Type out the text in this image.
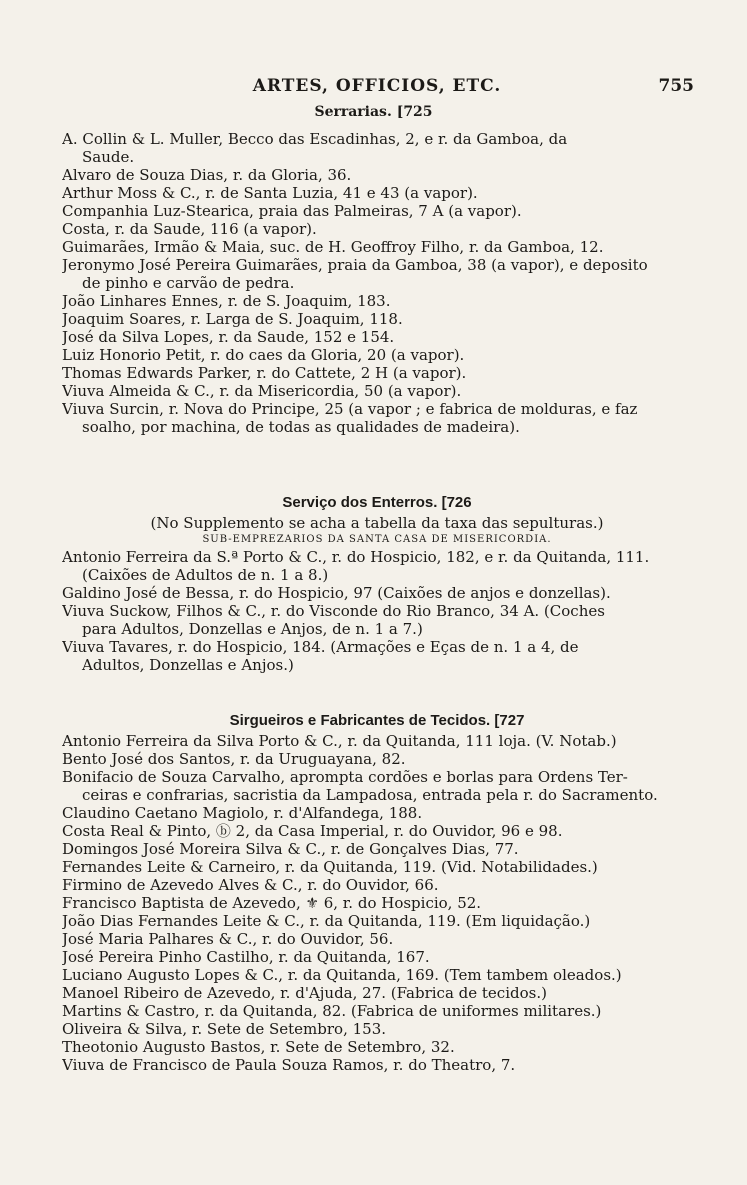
ARTES, OFFICIOS, ETC.	755
Serrarias. [725
A. Collin & L. Muller, Becco das Escadinhas, 2, e r. da Gamboa, da
Saude.
Alvaro de Souza Dias, r. da Gloria, 36.
Arthur Moss & C., r. de Santa Luzia, 41 e 43 (a vapor).
Companhia Luz-Stearica, praia das Palmeiras, 7 A (a vapor).
Costa, r. da Saude, 116 (a vapor).
Guimarães, Irmão & Maia, suc. de H. Geoffroy Filho, r. da Gamboa, 12.
Jeronymo José Pereira Guimarães, praia da Gamboa, 38 (a vapor), e deposito
de pinho e carvão de pedra.
João Linhares Ennes, r. de S. Joaquim, 183.
Joaquim Soares, r. Larga de S. Joaquim, 118.
José da Silva Lopes, r. da Saude, 152 e 154.
Luiz Honorio Petit, r. do caes da Gloria, 20 (a vapor).
Thomas Edwards Parker, r. do Cattete, 2 H (a vapor).
Viuva Almeida & C., r. da Misericordia, 50 (a vapor).
Viuva Surcin, r. Nova do Principe, 25 (a vapor ; e fabrica de molduras, e faz
soalho, por machina, de todas as qualidades de madeira).
Serviço dos Enterros. [726
(No Supplemento se acha a tabella da taxa das sepulturas.)
SUB-EMPREZARIOS DA SANTA CASA DE MISERICORDIA.
Antonio Ferreira da S.ª Porto & C., r. do Hospicio, 182, e r. da Quitanda, 111.
(Caixões de Adultos de n. 1 a 8.)
Galdino José de Bessa, r. do Hospicio, 97 (Caixões de anjos e donzellas).
Viuva Suckow, Filhos & C., r. do Visconde do Rio Branco, 34 A. (Coches
para Adultos, Donzellas e Anjos, de n. 1 a 7.)
Viuva Tavares, r. do Hospicio, 184. (Armações e Eças de n. 1 a 4, de
Adultos, Donzellas e Anjos.)
Sirgueiros e Fabricantes de Tecidos. [727
Antonio Ferreira da Silva Porto & C., r. da Quitanda, 111 loja. (V. Notab.)
Bento José dos Santos, r. da Uruguayana, 82.
Bonifacio de Souza Carvalho, apromptа cordões e borlas para Ordens Ter-
ceiras e confrarias, sacristia da Lampadosa, entrada pela r. do Sacramento.
Claudino Caetano Magiolo, r. d'Alfandega, 188.
Costa Real & Pinto, ⓑ 2, da Casa Imperial, r. do Ouvidor, 96 e 98.
Domingos José Moreira Silva & C., r. de Gonçalves Dias, 77.
Fernandes Leite & Carneiro, r. da Quitanda, 119. (Vid. Notabilidades.)
Firmino de Azevedo Alves & C., r. do Ouvidor, 66.
Francisco Baptista de Azevedo, ⚜ 6, r. do Hospicio, 52.
João Dias Fernandes Leite & C., r. da Quitanda, 119. (Em liquidação.)
José Maria Palhares & C., r. do Ouvidor, 56.
José Pereira Pinho Castilho, r. da Quitanda, 167.
Luciano Augusto Lopes & C., r. da Quitanda, 169. (Tem tambem oleados.)
Manoel Ribeiro de Azevedo, r. d'Ajuda, 27. (Fabrica de tecidos.)
Martins & Castro, r. da Quitanda, 82. (Fabrica de uniformes militares.)
Oliveira & Silva, r. Sete de Setembro, 153.
Theotonio Augusto Bastos, r. Sete de Setembro, 32.
Viuva de Francisco de Paula Souza Ramos, r. do Theatro, 7.
